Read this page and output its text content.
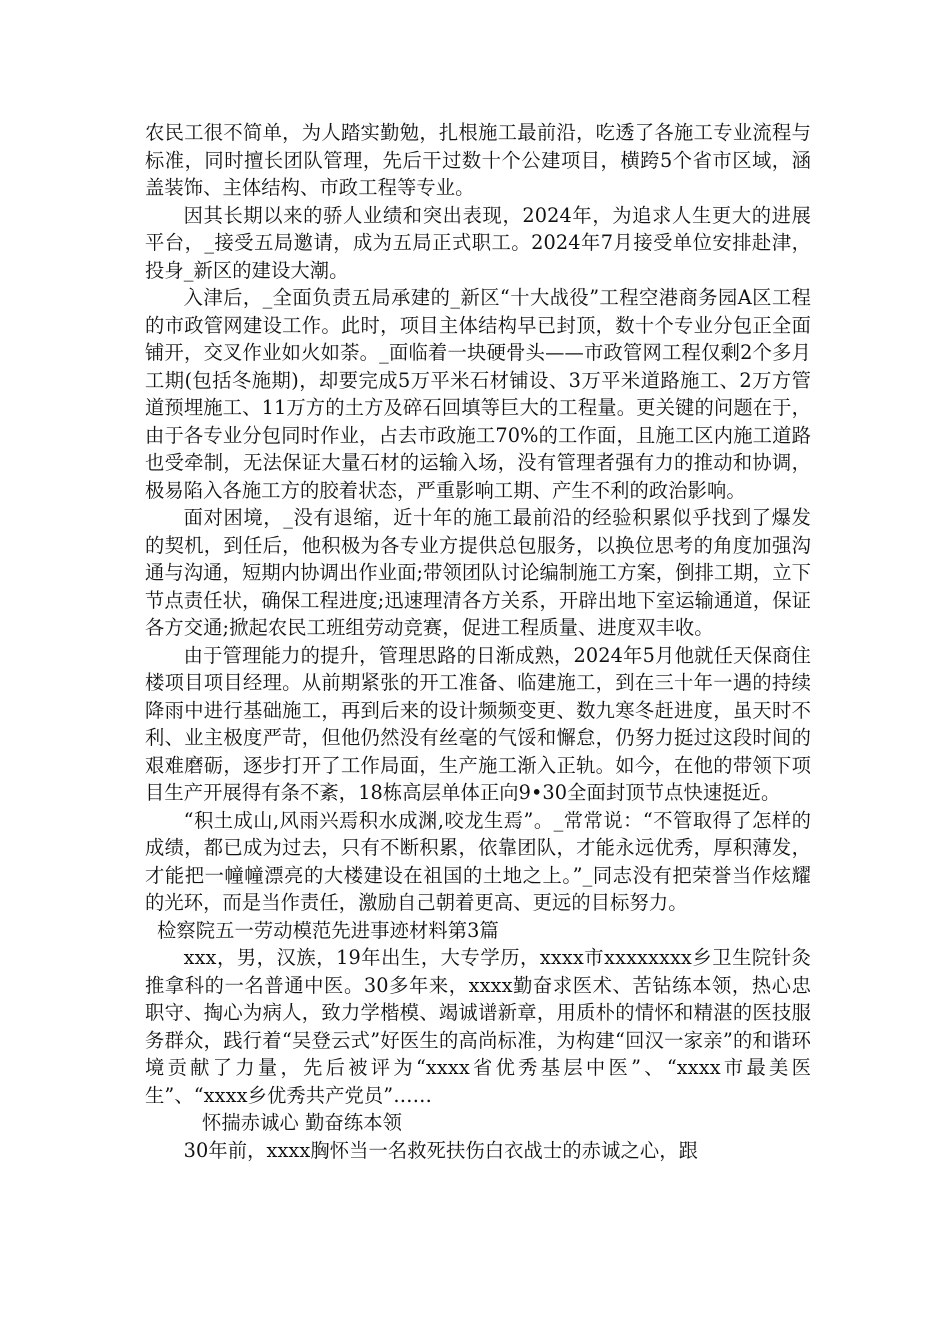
农民工很不简单，为人踏实勤勉，扎根施工最前沿，吃透了各施工专业流程与标准，同时擅长团队管理，先后干过数十个公建项目，横跨5个省市区域，涵盖装饰、主体结构、市政工程等专业。

因其长期以来的骄人业绩和突出表现，2024年，为追求人生更大的进展平台，_接受五局邀请，成为五局正式职工。2024年7月接受单位安排赴津，投身_新区的建设大潮。

入津后，_全面负责五局承建的_新区“十大战役”工程空港商务园A区工程的市政管网建设工作。此时，项目主体结构早已封顶，数十个专业分包正全面铺开，交叉作业如火如荼。_面临着一块硬骨头——市政管网工程仅剩2个多月工期(包括冬施期)，却要完成5万平米石材铺设、3万平米道路施工、2万方管道预埋施工、11万方的土方及碎石回填等巨大的工程量。更关键的问题在于，由于各专业分包同时作业，占去市政施工70%的工作面，且施工区内施工道路也受牵制，无法保证大量石材的运输入场，没有管理者强有力的推动和协调，极易陷入各施工方的胶着状态，严重影响工期、产生不利的政治影响。

面对困境，_没有退缩，近十年的施工最前沿的经验积累似乎找到了爆发的契机，到任后，他积极为各专业方提供总包服务，以换位思考的角度加强沟通与沟通，短期内协调出作业面;带领团队讨论编制施工方案，倒排工期，立下节点责任状，确保工程进度;迅速理清各方关系，开辟出地下室运输通道，保证各方交通;掀起农民工班组劳动竞赛，促进工程质量、进度双丰收。

由于管理能力的提升，管理思路的日渐成熟，2024年5月他就任天保商住楼项目项目经理。从前期紧张的开工准备、临建施工，到在三十年一遇的持续降雨中进行基础施工，再到后来的设计频频变更、数九寒冬赶进度，虽天时不利、业主极度严苛，但他仍然没有丝毫的气馁和懈怠，仍努力挺过这段时间的艰难磨砺，逐步打开了工作局面，生产施工渐入正轨。如今，在他的带领下项目生产开展得有条不紊，18栋高层单体正向9•30全面封顶节点快速挺近。

“积土成山,风雨兴焉积水成渊,咬龙生焉”。_常常说：“不管取得了怎样的成绩，都已成为过去，只有不断积累，依靠团队，才能永远优秀，厚积薄发，才能把一幢幢漂亮的大楼建设在祖国的土地之上。”_同志没有把荣誉当作炫耀的光环，而是当作责任，激励自己朝着更高、更远的目标努力。

检察院五一劳动模范先进事迹材料第3篇

xxx，男，汉族，19年出生，大专学历，xxxx市xxxxxxxx乡卫生院针灸推拿科的一名普通中医。30多年来，xxxx勤奋求医术、苦钻练本领，热心忠职守、掏心为病人，致力学楷模、竭诚谱新章，用质朴的情怀和精湛的医技服务群众，践行着“吴登云式”好医生的高尚标准，为构建“回汉一家亲”的和谐环境贡献了力量，先后被评为“xxxx省优秀基层中医”、“xxxx市最美医生”、“xxxx乡优秀共产党员”……

怀揣赤诚心 勤奋练本领

30年前，xxxx胸怀当一名救死扶伤白衣战士的赤诚之心，跟
